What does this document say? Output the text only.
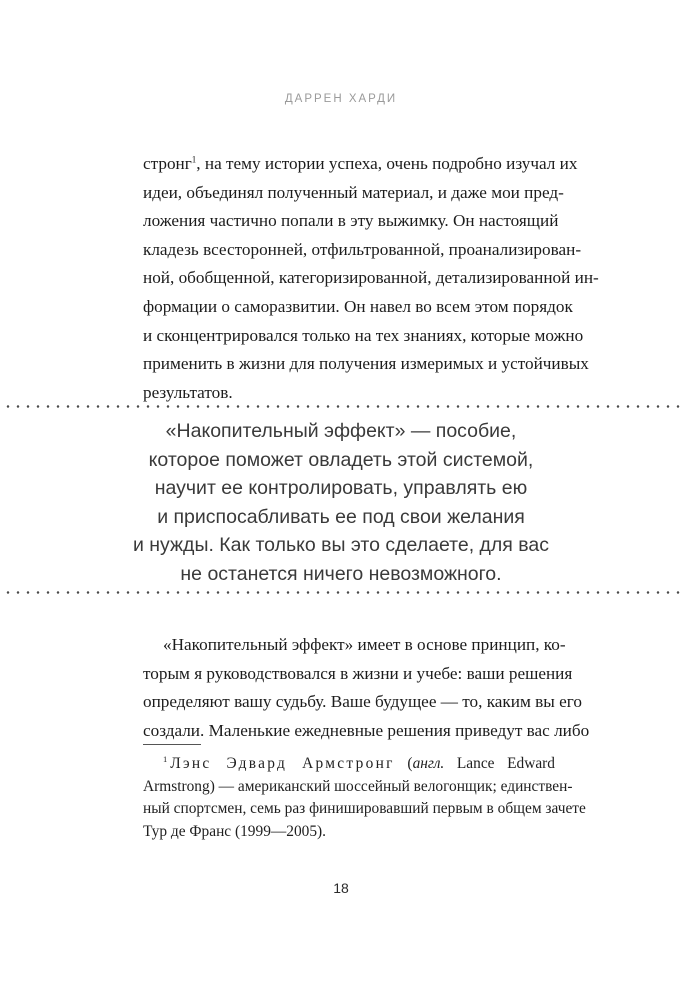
ДАРРЕН ХАРДИ
стронг$^1$, на тему истории успеха, очень подробно изучал их
идеи, объединял полученный материал, и даже мои пред-
ложения частично попали в эту выжимку. Он настоящий
кладезь всесторонней, отфильтрованной, проанализирован-
ной, обобщенной, категоризированной, детализированной ин-
формации о саморазвитии. Он навел во всем этом порядок
и сконцентрировался только на тех знаниях, которые можно
применить в жизни для получения измеримых и устойчивых
результатов.
«Накопительный эффект» — пособие,
которое поможет овладеть этой системой,
научит ее контролировать, управлять ею
и приспосабливать ее под свои желания
и нужды. Как только вы это сделаете, для вас
не останется ничего невозможного.
«Накопительный эффект» имеет в основе принцип, ко-
торым я руководствовался в жизни и учебе: ваши решения
определяют вашу судьбу. Ваше будущее — то, каким вы его
создали. Маленькие ежедневные решения приведут вас либо
$^1$ Лэнс Эдвард Армстронг (англ. Lance Edward
Armstrong) — американский шоссейный велогонщик; единствен-
ный спортсмен, семь раз финишировавший первым в общем зачете
Тур де Франс (1999—2005).
18
